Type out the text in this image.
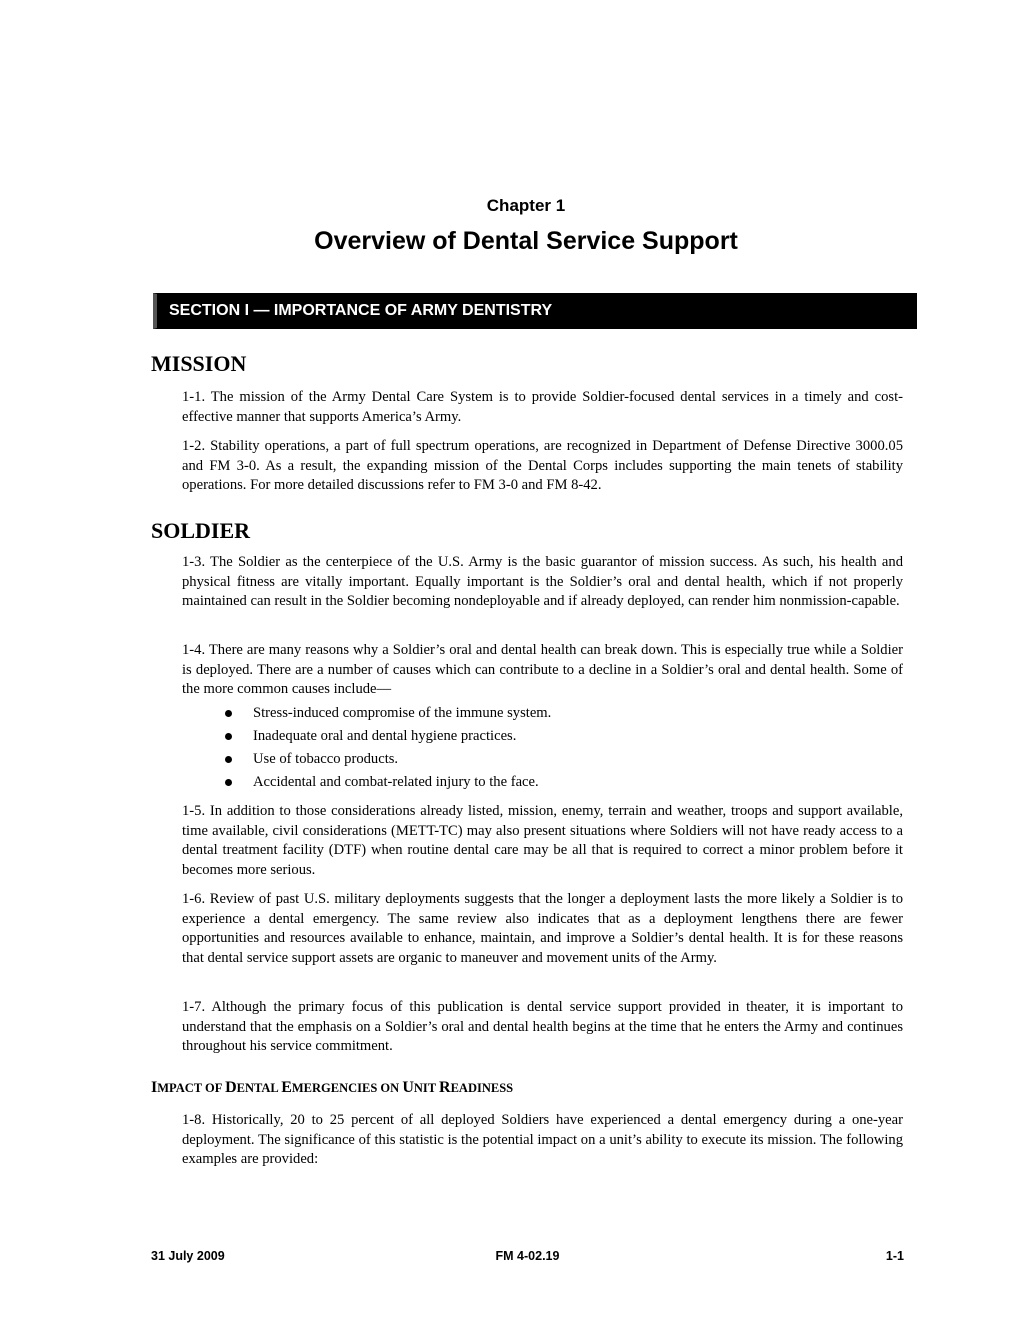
Chapter 1
Overview of Dental Service Support
SECTION I — IMPORTANCE OF ARMY DENTISTRY
MISSION

1-1. The mission of the Army Dental Care System is to provide Soldier-focused dental services in a timely and cost-effective manner that supports America’s Army.

1-2. Stability operations, a part of full spectrum operations, are recognized in Department of Defense Directive 3000.05 and FM 3-0. As a result, the expanding mission of the Dental Corps includes supporting the main tenets of stability operations. For more detailed discussions refer to FM 3-0 and FM 8-42.

SOLDIER

1-3. The Soldier as the centerpiece of the U.S. Army is the basic guarantor of mission success. As such, his health and physical fitness are vitally important. Equally important is the Soldier’s oral and dental health, which if not properly maintained can result in the Soldier becoming nondeployable and if already deployed, can render him nonmission-capable.

1-4. There are many reasons why a Soldier’s oral and dental health can break down. This is especially true while a Soldier is deployed. There are a number of causes which can contribute to a decline in a Soldier’s oral and dental health. Some of the more common causes include—

Stress-induced compromise of the immune system.
Inadequate oral and dental hygiene practices.
Use of tobacco products.
Accidental and combat-related injury to the face.

1-5. In addition to those considerations already listed, mission, enemy, terrain and weather, troops and support available, time available, civil considerations (METT-TC) may also present situations where Soldiers will not have ready access to a dental treatment facility (DTF) when routine dental care may be all that is required to correct a minor problem before it becomes more serious.

1-6. Review of past U.S. military deployments suggests that the longer a deployment lasts the more likely a Soldier is to experience a dental emergency. The same review also indicates that as a deployment lengthens there are fewer opportunities and resources available to enhance, maintain, and improve a Soldier’s dental health. It is for these reasons that dental service support assets are organic to maneuver and movement units of the Army.

1-7. Although the primary focus of this publication is dental service support provided in theater, it is important to understand that the emphasis on a Soldier’s oral and dental health begins at the time that he enters the Army and continues throughout his service commitment.

IMPACT OF DENTAL EMERGENCIES ON UNIT READINESS

1-8. Historically, 20 to 25 percent of all deployed Soldiers have experienced a dental emergency during a one-year deployment. The significance of this statistic is the potential impact on a unit’s ability to execute its mission. The following examples are provided:

31 July 2009	FM 4-02.19	1-1
